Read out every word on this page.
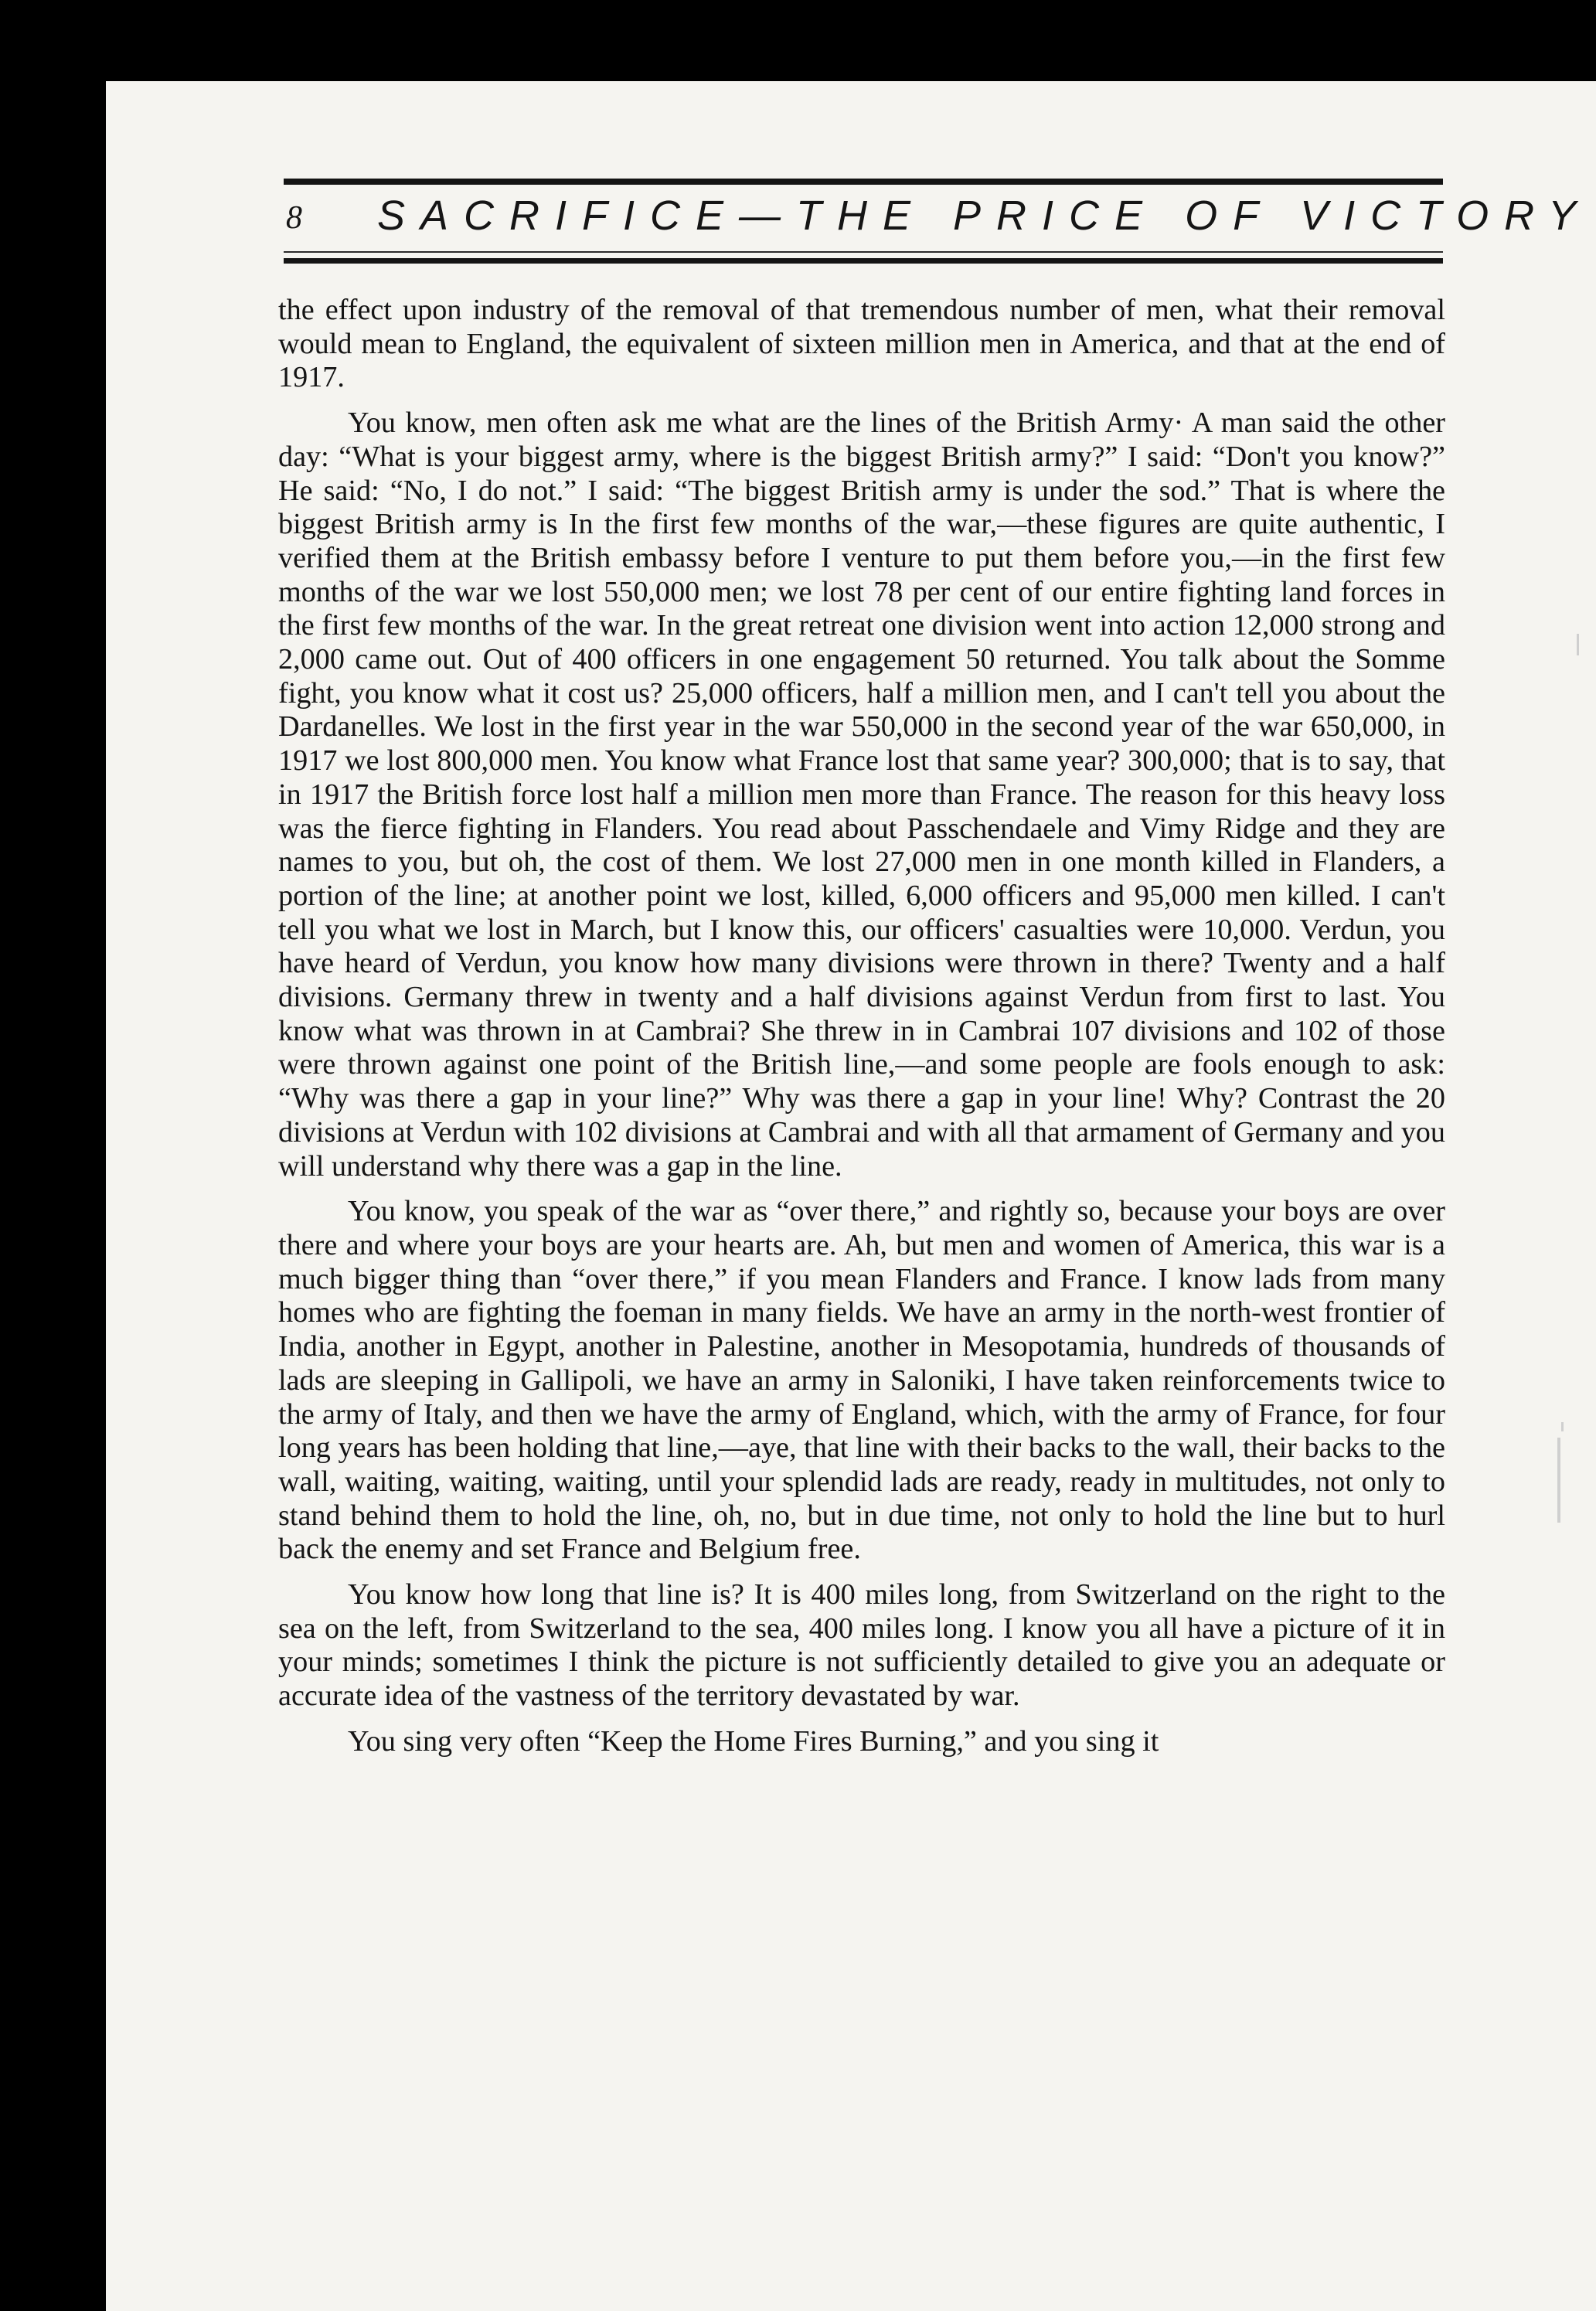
8 SACRIFICE—THE PRICE OF VICTORY

the effect upon industry of the removal of that tremendous number of men, what their removal would mean to England, the equivalent of sixteen million men in America, and that at the end of 1917.

You know, men often ask me what are the lines of the British Army· A man said the other day: “What is your biggest army, where is the biggest British army?” I said: “Don't you know?” He said: “No, I do not.” I said: “The biggest British army is under the sod.” That is where the biggest British army is In the first few months of the war,—these figures are quite authentic, I verified them at the British embassy before I venture to put them before you,—in the first few months of the war we lost 550,000 men; we lost 78 per cent of our entire fighting land forces in the first few months of the war. In the great retreat one division went into action 12,000 strong and 2,000 came out. Out of 400 officers in one engagement 50 returned. You talk about the Somme fight, you know what it cost us? 25,000 officers, half a million men, and I can't tell you about the Dardanelles. We lost in the first year in the war 550,000 in the second year of the war 650,000, in 1917 we lost 800,000 men. You know what France lost that same year? 300,000; that is to say, that in 1917 the British force lost half a million men more than France. The reason for this heavy loss was the fierce fighting in Flanders. You read about Passchendaele and Vimy Ridge and they are names to you, but oh, the cost of them. We lost 27,000 men in one month killed in Flanders, a portion of the line; at another point we lost, killed, 6,000 officers and 95,000 men killed. I can't tell you what we lost in March, but I know this, our officers' casualties were 10,000. Verdun, you have heard of Verdun, you know how many divisions were thrown in there? Twenty and a half divisions. Germany threw in twenty and a half divisions against Verdun from first to last. You know what was thrown in at Cambrai? She threw in in Cambrai 107 divisions and 102 of those were thrown against one point of the British line,—and some people are fools enough to ask: “Why was there a gap in your line?” Why was there a gap in your line! Why? Contrast the 20 divisions at Verdun with 102 divisions at Cambrai and with all that armament of Germany and you will understand why there was a gap in the line.

You know, you speak of the war as “over there,” and rightly so, because your boys are over there and where your boys are your hearts are. Ah, but men and women of America, this war is a much bigger thing than “over there,” if you mean Flanders and France. I know lads from many homes who are fighting the foeman in many fields. We have an army in the north-west frontier of India, another in Egypt, another in Palestine, another in Mesopotamia, hundreds of thousands of lads are sleeping in Gallipoli, we have an army in Saloniki, I have taken reinforcements twice to the army of Italy, and then we have the army of England, which, with the army of France, for four long years has been holding that line,—aye, that line with their backs to the wall, their backs to the wall, waiting, waiting, waiting, until your splendid lads are ready, ready in multitudes, not only to stand behind them to hold the line, oh, no, but in due time, not only to hold the line but to hurl back the enemy and set France and Belgium free.

You know how long that line is? It is 400 miles long, from Switzerland on the right to the sea on the left, from Switzerland to the sea, 400 miles long. I know you all have a picture of it in your minds; sometimes I think the picture is not sufficiently detailed to give you an adequate or accurate idea of the vastness of the territory devastated by war.

You sing very often “Keep the Home Fires Burning,” and you sing it
